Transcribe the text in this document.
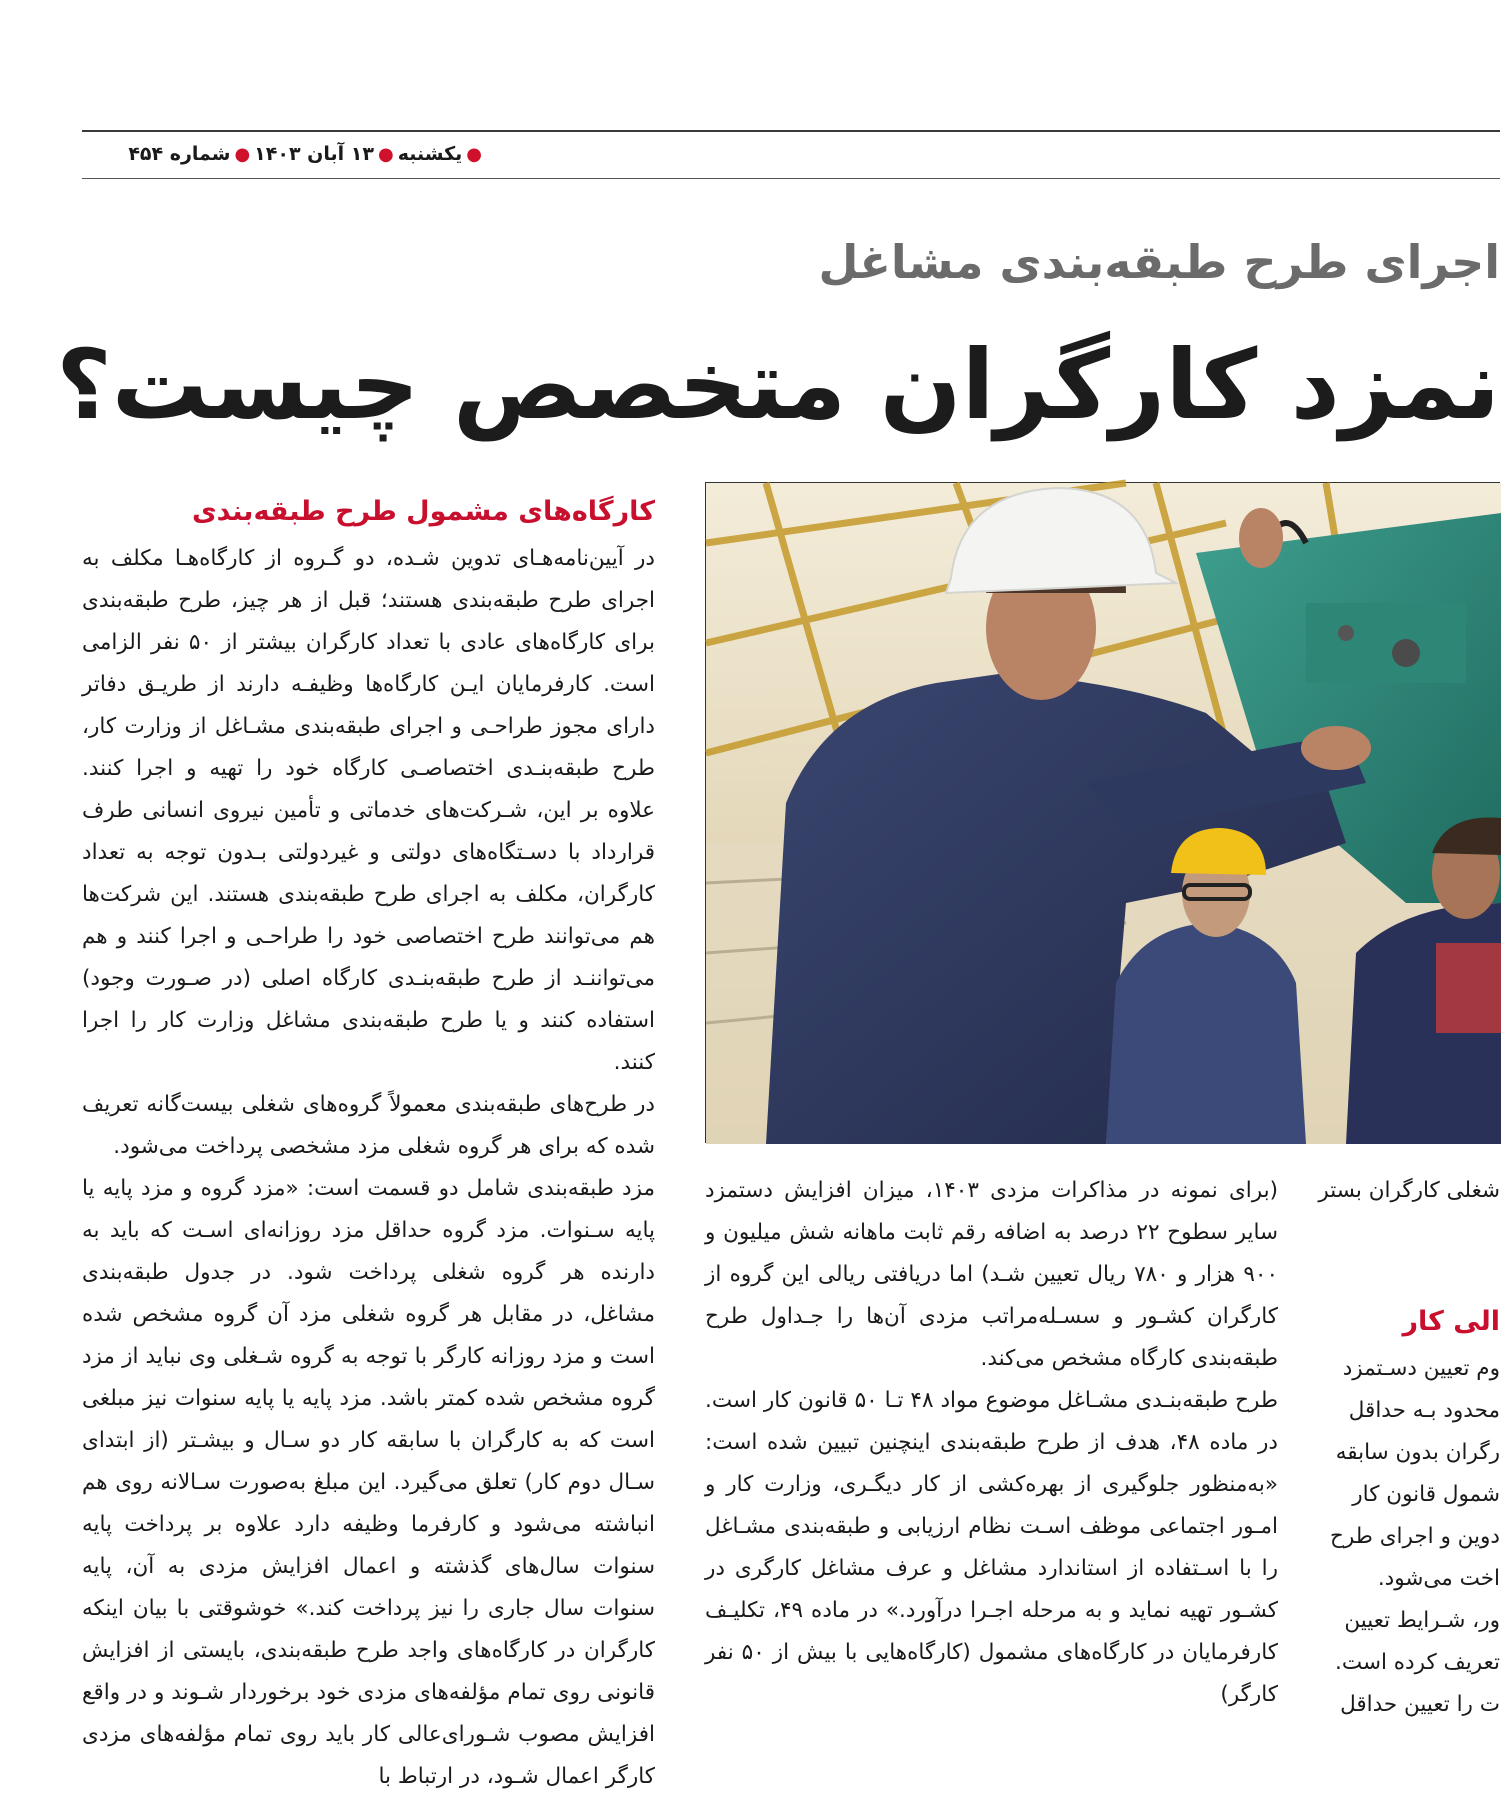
●
یکشنبه
●
۱۳ آبان ۱۴۰۳
●
شماره ۴۵۴
اجرای طرح طبقه‌بندی مشاغل
نمزد کارگران متخصص چیست؟
کارگاه‌های مشمول طرح طبقه‌بندی

در آیین‌نامه‌هـای تدوین شـده، دو گـروه از کارگاه‌هـا مکلف به اجرای طرح طبقه‌بندی هستند؛ قبل از هر چیز، طرح طبقه‌بندی برای کارگاه‌های عادی با تعداد کارگران بیشتر از ۵۰ نفر الزامی است. کارفرمایان ایـن کارگاه‌ها وظیفـه دارند از طریـق دفاتر دارای مجوز طراحـی و اجرای طبقه‌بندی مشـاغل از وزارت کار، طرح طبقه‌بنـدی اختصاصـی کارگاه خود را تهیه و اجرا کنند. علاوه بر این، شـرکت‌های خدماتی و تأمین نیروی انسانی طرف قرارداد با دسـتگاه‌های دولتی و غیردولتی بـدون توجه به تعداد کارگران، مکلف به اجرای طرح طبقه‌بندی هستند. این شرکت‌ها هم می‌توانند طرح اختصاصی خود را طراحـی و اجرا کنند و هم می‌تواننـد از طرح طبقه‌بنـدی کارگاه اصلی (در صـورت وجود) استفاده کنند و یا طرح طبقه‌بندی مشاغل وزارت کار را اجرا کنند.

در طرح‌های طبقه‌بندی معمولاً گروه‌های شغلی بیست‌گانه تعریف شده که برای هر گروه شغلی مزد مشخصی پرداخت می‌شود.

مزد طبقه‌بندی شامل دو قسمت است: «مزد گروه و مزد پایه یا پایه سـنوات. مزد گروه حداقل مزد روزانه‌ای اسـت که باید به دارنده هر گروه شغلی پرداخت شود. در جدول طبقه‌بندی مشاغل، در مقابل هر گروه شغلی مزد آن گروه مشخص شده است و مزد روزانه کارگر با توجه به گروه شـغلی وی نباید از مزد گروه مشخص شده کمتر باشد. مزد پایه یا پایه سنوات نیز مبلغی است که به کارگران با سابقه کار دو سـال و بیشـتر (از ابتدای سـال دوم کار) تعلق می‌گیرد. این مبلغ به‌صورت سـالانه روی هم انباشته می‌شود و کارفرما وظیفه دارد علاوه بر پرداخت پایه سنوات سال‌های گذشته و اعمال افزایش مزدی به آن، پایه سنوات سال جاری را نیز پرداخت کند.» خوشوقتی با بیان اینکه کارگران در کارگاه‌های واجد طرح طبقه‌بندی، بایستی از افزایش قانونی روی تمام مؤلفه‌های مزدی خود برخوردار شـوند و در واقع افزایش مصوب شـورای‌عالی کار باید روی تمام مؤلفه‌های مزدی کارگر اعمال شـود، در ارتباط با

(برای نمونه در مذاکرات مزدی ۱۴۰۳، میزان افزایش دستمزد سایر سطوح ۲۲ درصد به اضافه رقم ثابت ماهانه شش میلیون و ۹۰۰ هزار و ۷۸۰ ریال تعیین شـد) اما دریافتی ریالی این گروه از کارگران کشـور و سسـله‌مراتب مزدی آن‌ها را جـداول طرح طبقه‌بندی کارگاه مشخص می‌کند.

طرح طبقه‌بنـدی مشـاغل موضوع مواد ۴۸ تـا ۵۰ قانون کار است. در ماده ۴۸، هدف از طرح طبقه‌بندی اینچنین تبیین شده است: «به‌منظور جلوگیری از بهره‌کشی از کار دیگـری، وزارت کار و امـور اجتماعی موظف اسـت نظام ارزیابی و طبقه‌بندی مشـاغل را با اسـتفاده از استاندارد مشاغل و عرف مشاغل کارگری در کشـور تهیه نماید و به مرحله اجـرا درآورد.» در ماده ۴۹، تکلیـف کارفرمایان در کارگاه‌های مشمول (کارگاه‌هایی با بیش از ۵۰ نفر کارگر)

شغلی کارگران بستر

الی کار

وم تعیین دسـتمزد

محدود بـه حداقل

رگران بدون سابقه

شمول قانون کار

دوین و اجرای طرح

اخت می‌شود.

ور، شـرایط تعیین

تعریف کرده است.

ت را تعیین حداقل
